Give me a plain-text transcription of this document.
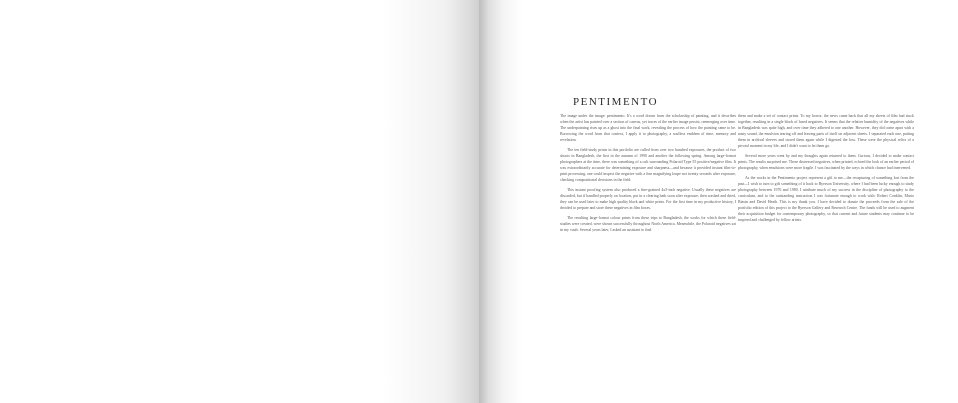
PENTIMENTO

The image under the image: pentimento. It's a word drawn from the scholarship of painting, and it describes when the artist has painted over a section of canvas, yet traces of the earlier image persist, reemerging over time. The underpainting rises up as a ghost into the final work, revealing the process of how the painting came to be. Borrowing the word from that context, I apply it to photography, a soulless emblem of time, memory and revelation.

The ten field-study prints in this portfolio are culled from over two hundred exposures, the product of two shoots in Bangladesh, the first in the autumn of 1990 and another the following spring. Among large-format photographers at the time, there was something of a cult surrounding Polaroid Type 55 positive/negative film. It was extraordinarily accurate for determining exposure and sharpness—and because it provided instant film-to-print processing, one could inspect the negative with a fine magnifying loupe not twenty seconds after exposure, checking compositional decisions in the field.

This instant proofing system also produced a fine-grained 4x5-inch negative. Usually these negatives are discarded, but if handled properly on location, put in a clearing bath soon after exposure, then washed and dried, they can be used later to make high quality black and white prints. For the first time in my productive history, I decided to prepare and store these negatives in film boxes.

The resulting large-format colour prints from these trips to Bangladesh, the works for which these field-studies were created, were shown successfully throughout North America. Meanwhile, the Polaroid negatives sat in my vault. Several years later, I asked an assistant to find

them and make a set of contact prints. To my horror, the news came back that all my sheets of film had stuck together, resulting in a single block of fused negatives. It seems that the relative humidity of the negatives while in Bangladesh was quite high, and over time they adhered to one another. However, they did come apart with a nasty sound, the emulsion tearing off and leaving parts of itself on adjacent sheets. I separated each one, putting them in archival sleeves and stored them again while I digested the loss. These were the physical relics of a pivotal moment in my life, and I didn't want to let them go.

Several more years went by and my thoughts again returned to them. Curious, I decided to make contact prints. The results surprised me. These distressed negatives, when printed, echoed the look of an earlier period of photography, when emulsions were more fragile. I was fascinated by the ways in which chance had intervened.

As the works in the Pentimento project represent a gift to me—the recapturing of something lost from the past—I wish to turn to gift something of it back to Ryerson University, where I had been lucky enough to study photography between 1976 and 1980. I attribute much of my success in the discipline of photography to the curriculum, and to the outstanding instruction I was fortunate enough to work with: Robert Conklin, Mario Biasin and David Heath. This is my thank you. I have decided to donate the proceeds from the sale of the portfolio edition of this project to the Ryerson Gallery and Research Centre. The funds will be used to augment their acquisition budget for contemporary photography, so that current and future students may continue to be inspired and challenged by fellow artists.
